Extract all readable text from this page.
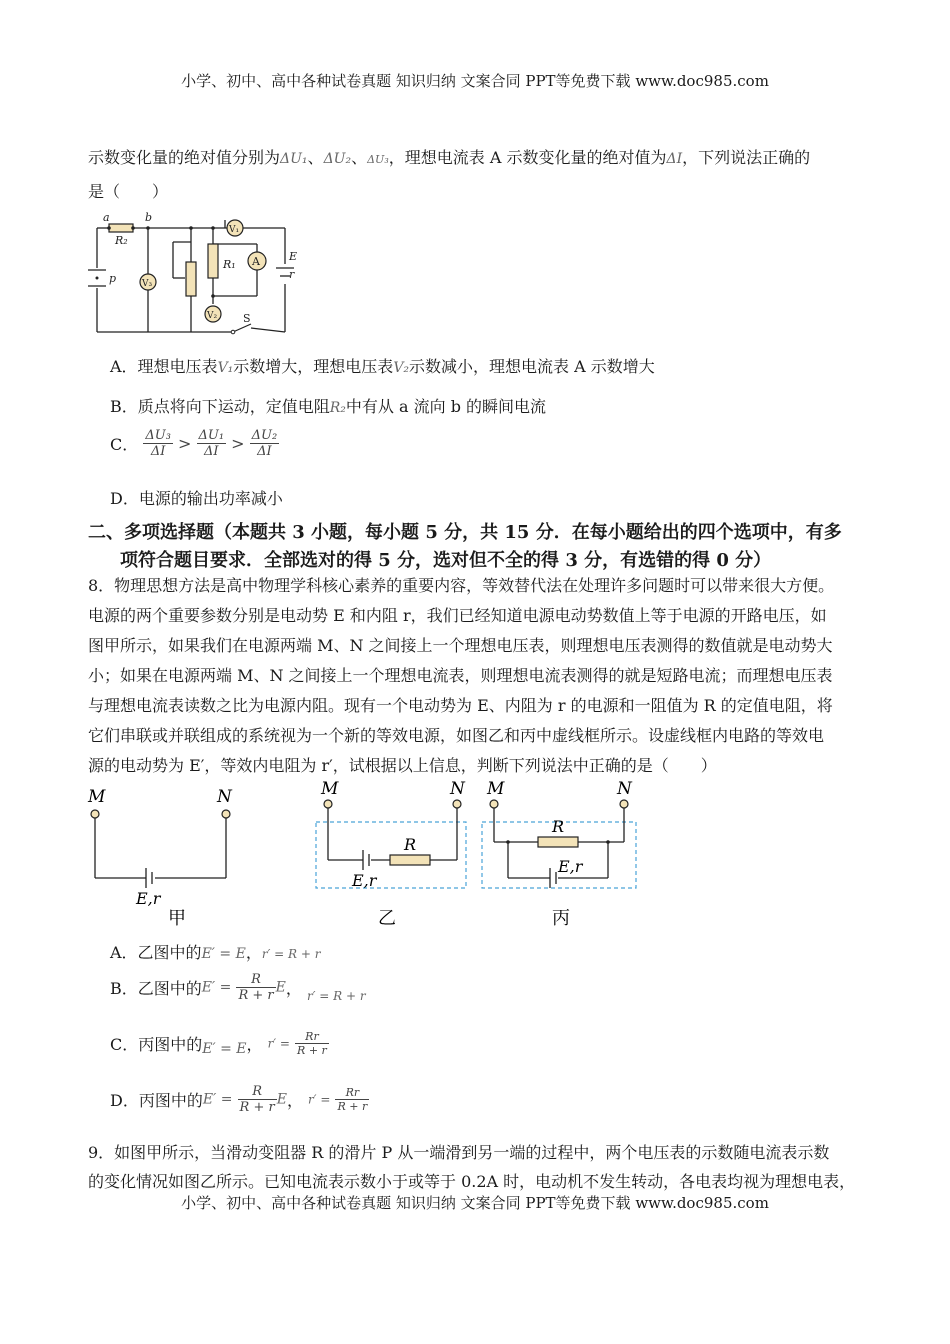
小学、初中、高中各种试卷真题 知识归纳 文案合同 PPT等免费下载 www.doc985.com
示数变化量的绝对值分别为ΔU₁、ΔU₂、ΔU₃，理想电流表 A 示数变化量的绝对值为ΔI，下列说法正确的
是（　　）
a	b
R₂
p	V₃
V₁
R₁ A	E
r
V₂ S
A．理想电压表V₁示数增大，理想电压表V₂示数减小，理想电流表 A 示数增大
B．质点将向下运动，定值电阻R₂中有从 a 流向 b 的瞬间电流
C． $\frac{\text{ΔU₃}}{\Delta I} > \frac{\text{ΔU₁}}{\Delta I} > \frac{\text{ΔU₂}}{\Delta I}$
D．电源的输出功率减小
二、多项选择题（本题共 3 小题，每小题 5 分，共 15 分．在每小题给出的四个选项中，有多
项符合题目要求．全部选对的得 5 分，选对但不全的得 3 分，有选错的得 0 分）
8．物理思想方法是高中物理学科核心素养的重要内容，等效替代法在处理许多问题时可以带来很大方便。
电源的两个重要参数分别是电动势 E 和内阻 r，我们已经知道电源电动势数值上等于电源的开路电压，如
图甲所示，如果我们在电源两端 M、N 之间接上一个理想电压表，则理想电压表测得的数值就是电动势大
小；如果在电源两端 M、N 之间接上一个理想电流表，则理想电流表测得的就是短路电流；而理想电压表
与理想电流表读数之比为电源内阻。现有一个电动势为 E、内阻为 r 的电源和一阻值为 R 的定值电阻，将
它们串联或并联组成的系统视为一个新的等效电源，如图乙和丙中虚线框所示。设虚线框内电路的等效电
源的电动势为 E′，等效内电阻为 r′，试根据以上信息，判断下列说法中正确的是（　　）
M	N
E,r
M	N
R
E,r
M	N
R
E,r
甲	乙	丙
A．乙图中的E′ = E，r′ = R + r
B．乙图中的$E' = \frac{R}{R + r}$ E， r′ = R + r
C．丙图中的E′ = E， $r' = \frac{Rr}{R + r}$
D．丙图中的$E' = \frac{R}{R + r}$ E， $r' = \frac{Rr}{R + r}$
9．如图甲所示，当滑动变阻器 R 的滑片 P 从一端滑到另一端的过程中，两个电压表的示数随电流表示数
的变化情况如图乙所示。已知电流表示数小于或等于 0.2A 时，电动机不发生转动，各电表均视为理想电表，
小学、初中、高中各种试卷真题 知识归纳 文案合同 PPT等免费下载 www.doc985.com
